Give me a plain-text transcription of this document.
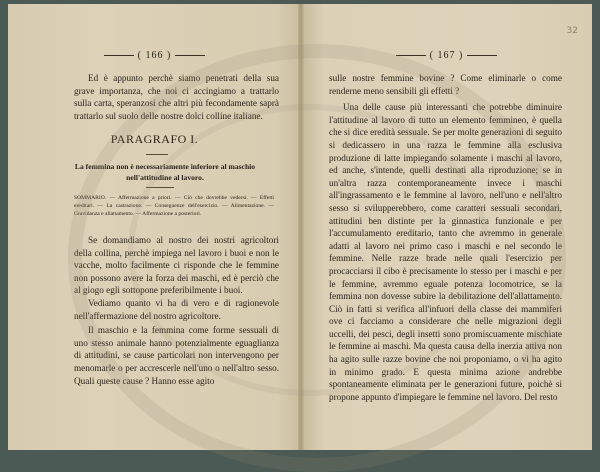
( 166 )

Ed è appunto perchè siamo penetrati della sua grave importanza, che noi ci accingiamo a trattarlo sulla carta, speranzosi che altri più fecondamente saprà trattarlo sul suolo delle nostre dolci colline italiane.

PARAGRAFO I.
La femmina non è necessariamente inferiore al maschio nell'attitudine al lavoro.
SOMMARIO. — Affermazione a priori. — Ciò che dovrebbe vedersi. — Effetti ereditari. — La castrazione. — Conseguenze dell'esercizio. — Alimentazione. — Gravidanza e allattamento. — Affermazione a posteriori.

Se domandiamo al nostro dei nostri agricoltori della collina, perchè impiega nel lavoro i buoi e non le vacche, molto facilmente ci risponde che le femmine non possono avere la forza dei maschi, ed è perciò che al giogo egli sottopone preferibilmente i buoi.

Vediamo quanto vi ha di vero e di ragionevole nell'affermazione del nostro agricoltore.

Il maschio e la femmina come forme sessuali di uno stesso animale hanno potenzialmente eguaglianza di attitudini, se cause particolari non intervengono per menomarle o per accrescerle nell'uno o nell'altro sesso. Quali queste cause ? Hanno esse agito

32
( 167 )

sulle nostre femmine bovine ? Come eliminarle o come renderne meno sensibili gli effetti ?

Una delle cause più interessanti che potrebbe diminuire l'attitudine al lavoro di tutto un elemento femmineo, è quella che si dice eredità sessuale. Se per molte generazioni di seguito si dedicassero in una razza le femmine alla esclusiva produzione di latte impiegando solamente i maschi al lavoro, ed anche, s'intende, quelli destinati alla riproduzione; se in un'altra razza contemporaneamente invece i maschi all'ingrassamento e le femmine al lavoro, nell'uno e nell'altro sesso si svilupperebbero, come caratteri sessuali secondari, attitudini ben distinte per la ginnastica funzionale e per l'accumulamento ereditario, tanto che avremmo in generale adatti al lavoro nei primo caso i maschi e nel secondo le femmine. Nelle razze brade nelle quali l'esercizio per procacciarsi il cibo è precisamente lo stesso per i maschi e per le femmine, avremmo eguale potenza locomotrice, se la femmina non dovesse subire la debilitazione dell'allattamento. Ciò in fatti si verifica all'infuori della classe dei mammiferi ove ci facciamo a considerare che nelle migrazioni degli uccelli, dei pesci, degli insetti sono promiscuamente mischiate le femmine ai maschi. Ma questa causa della inerzia attiva non ha agito sulle razze bovine che noi proponiamo, o vi ha agito in minimo grado. E questa minima azione andrebbe spontaneamente eliminata per le generazioni future, poichè si propone appunto d'impiegare le femmine nel lavoro. Del resto
